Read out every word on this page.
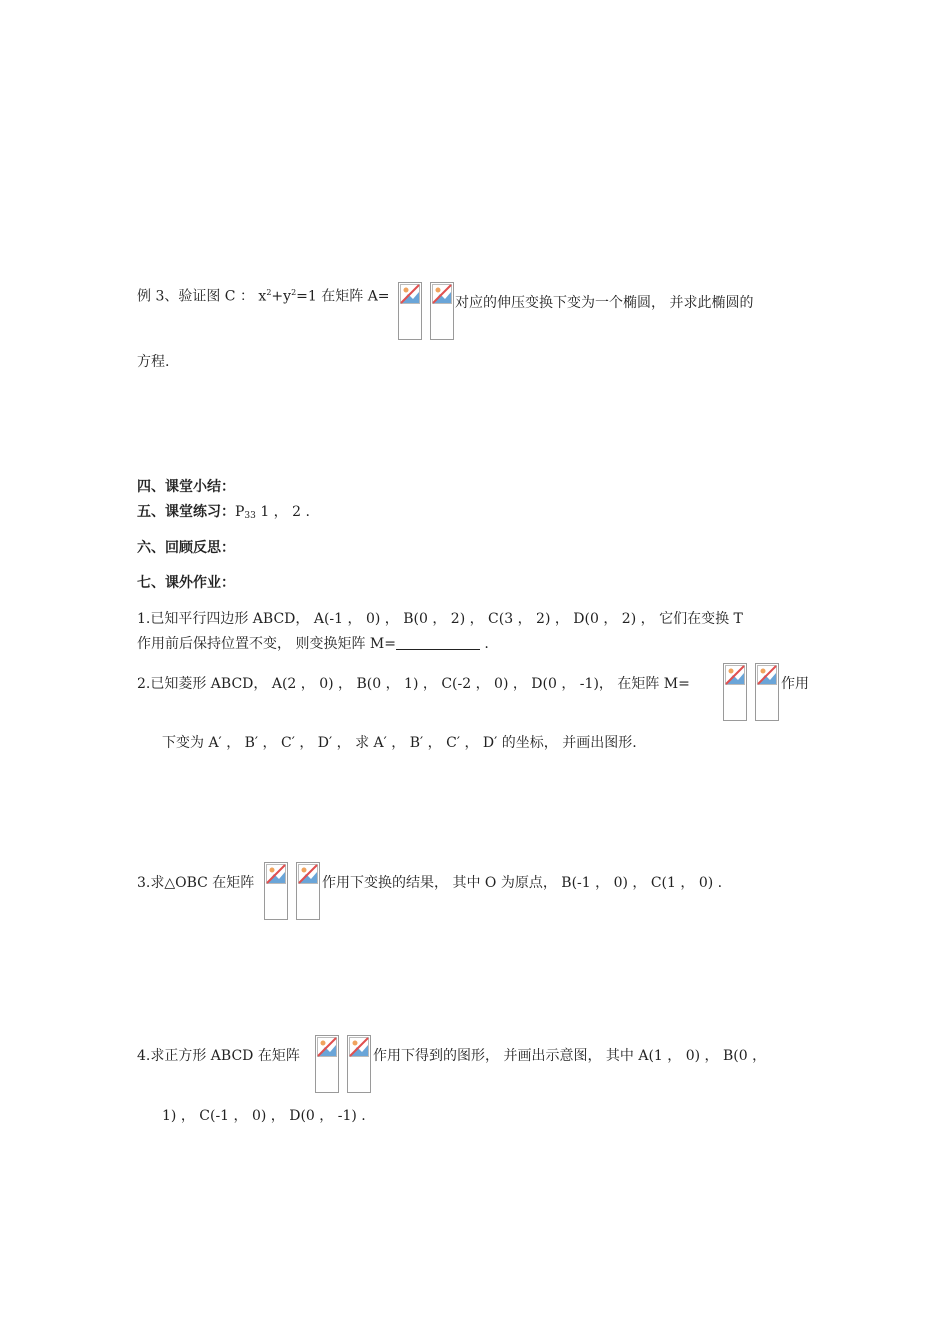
例 3、验证图 C ： $x^2+y^2=1$ 在矩阵 A=	对应的伸压变换下变为一个椭圆， 并求此椭圆的
方程.
四、课堂小结：
五、课堂练习：$P_{33}$ 1 ， 2 .
六、回顾反思：
七、课外作业：
1.已知平行四边形 ABCD， A(-1 ， 0) ， B(0 ， 2) ， C(3 ， 2) ， D(0 ， 2) ， 它们在变换 T
作用前后保持位置不变， 则变换矩阵 M=	.
2.已知菱形 ABCD， A(2 ， 0) ， B(0 ， 1) ， C(-2 ， 0) ， D(0 ， -1)， 在矩阵 M=	作用
下变为 A′ ， B′ ， C′ ， D′ ， 求 A′ ， B′ ， C′ ， D′ 的坐标， 并画出图形.
3.求△OBC 在矩阵	作用下变换的结果， 其中 O 为原点， B(-1 ， 0) ， C(1 ， 0) .
4.求正方形 ABCD 在矩阵	作用下得到的图形， 并画出示意图， 其中 A(1 ， 0) ， B(0 ，
1) ， C(-1 ， 0) ， D(0 ， -1) .
